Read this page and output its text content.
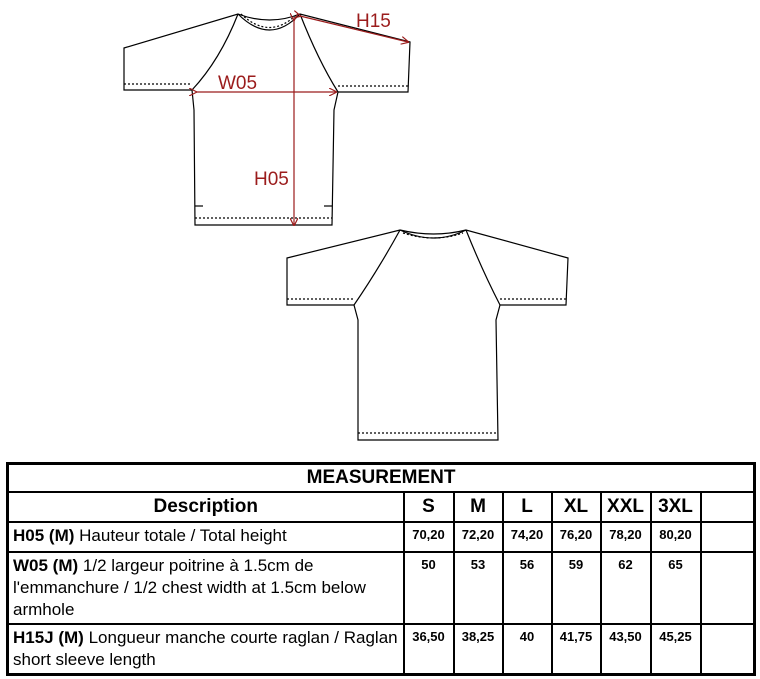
H15
W05
H05
MEASUREMENT							
Description	S	M	L	XL	XXL	3XL	
H05 (M) Hauteur totale / Total height	70,20	72,20	74,20	76,20	78,20	80,20	
W05 (M) 1/2 largeur poitrine à 1.5cm de l'emmanchure / 1/2 chest width at 1.5cm below armhole	50	53	56	59	62	65	
H15J (M) Longueur manche courte raglan / Raglan short sleeve length	36,50	38,25	40	41,75	43,50	45,25	
